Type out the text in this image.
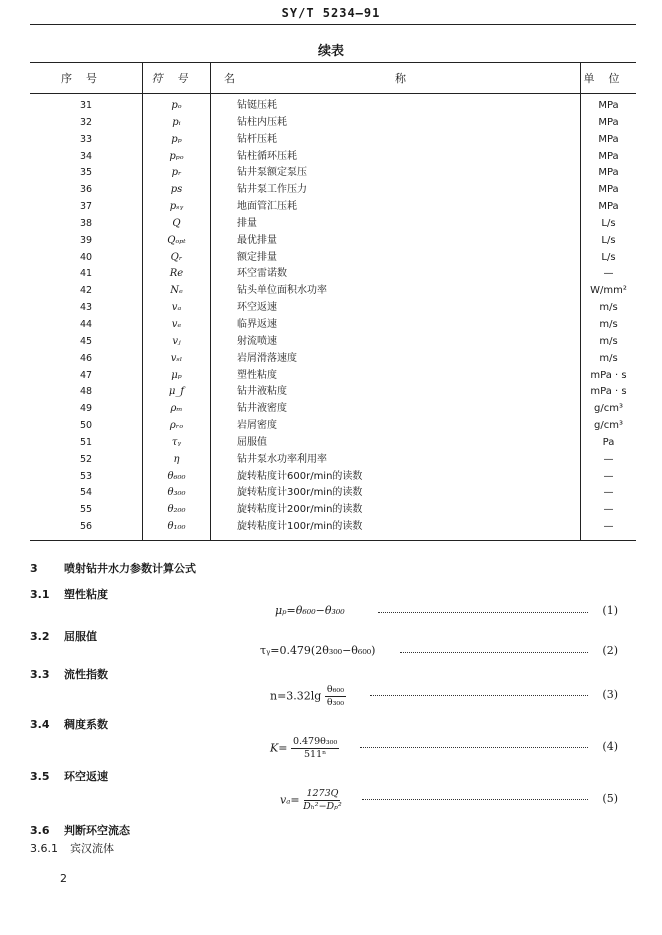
SY/T 5234—91
续表
序号	符号	名称	单位
31	pₒ	钻铤压耗	MPa
32	pᵢ	钻柱内压耗	MPa
33	pₚ	钻杆压耗	MPa
34	pₚₒ	钻柱循环压耗	MPa
35	pᵣ	钻井泵额定泵压	MPa
36	ps	钻井泵工作压力	MPa
37	pₛᵧ	地面管汇压耗	MPa
38	Q	排量	L/s
39	Qₒₚₜ	最优排量	L/s
40	Qᵣ	额定排量	L/s
41	Re	环空雷诺数	—
42	Nₑ	钻头单位面积水功率	W/mm²
43	vₐ	环空返速	m/s
44	vₑ	临界返速	m/s
45	vⱼ	射流喷速	m/s
46	vₛₗ	岩屑滑落速度	m/s
47	μₚ	塑性粘度	mPa · s
48	μ_f	钻井液粘度	mPa · s
49	ρₘ	钻井液密度	g/cm³
50	ρᵣₒ	岩屑密度	g/cm³
51	τᵧ	屈服值	Pa
52	η	钻井泵水功率利用率	—
53	θ₆₀₀	旋转粘度计600r/min的读数	—
54	θ₃₀₀	旋转粘度计300r/min的读数	—
55	θ₂₀₀	旋转粘度计200r/min的读数	—
56	θ₁₀₀	旋转粘度计100r/min的读数	—
3 喷射钻井水力参数计算公式
3.1 塑性粘度
μₚ=θ₆₀₀−θ₃₀₀	(1)
3.2 屈服值
τᵧ=0.479(2θ₃₀₀−θ₆₀₀)	(2)
3.3 流性指数
$n=3.32\lg \frac{\text{θ₆₀₀}}{\text{θ₃₀₀}}$	(3)
3.4 稠度系数
$K= \frac{\text{0.479θ₃₀₀}}{\text{511ⁿ}}$	(4)
3.5 环空返速
$v_a= \frac{1273Q}{\text{Dₕ²−Dₚ²}}$	(5)
3.6 判断环空流态
3.6.1 宾汉流体
2
